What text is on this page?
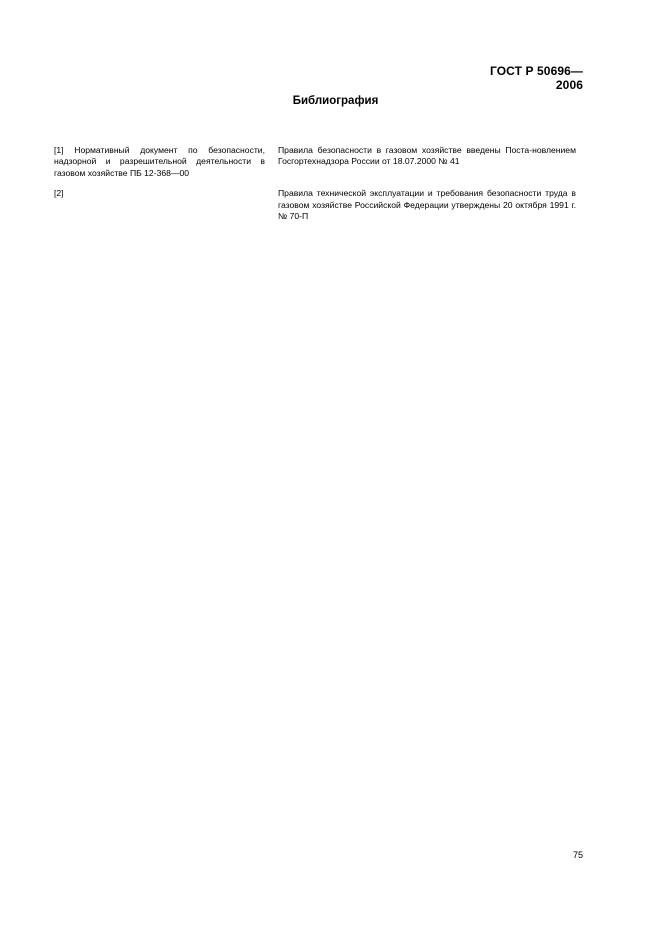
ГОСТ Р 50696—2006
Библиография
[1] Нормативный документ по безопасности, надзорной и разрешительной деятельности в газовом хозяйстве ПБ 12-368—00
Правила безопасности в газовом хозяйстве введены Поста-новлением Госгортехнадзора России от 18.07.2000 № 41
[2]	Правила технической эксплуатации и требования безопасности труда в газовом хозяйстве Российской Федерации утверждены 20 октября 1991 г. № 70-П
75
